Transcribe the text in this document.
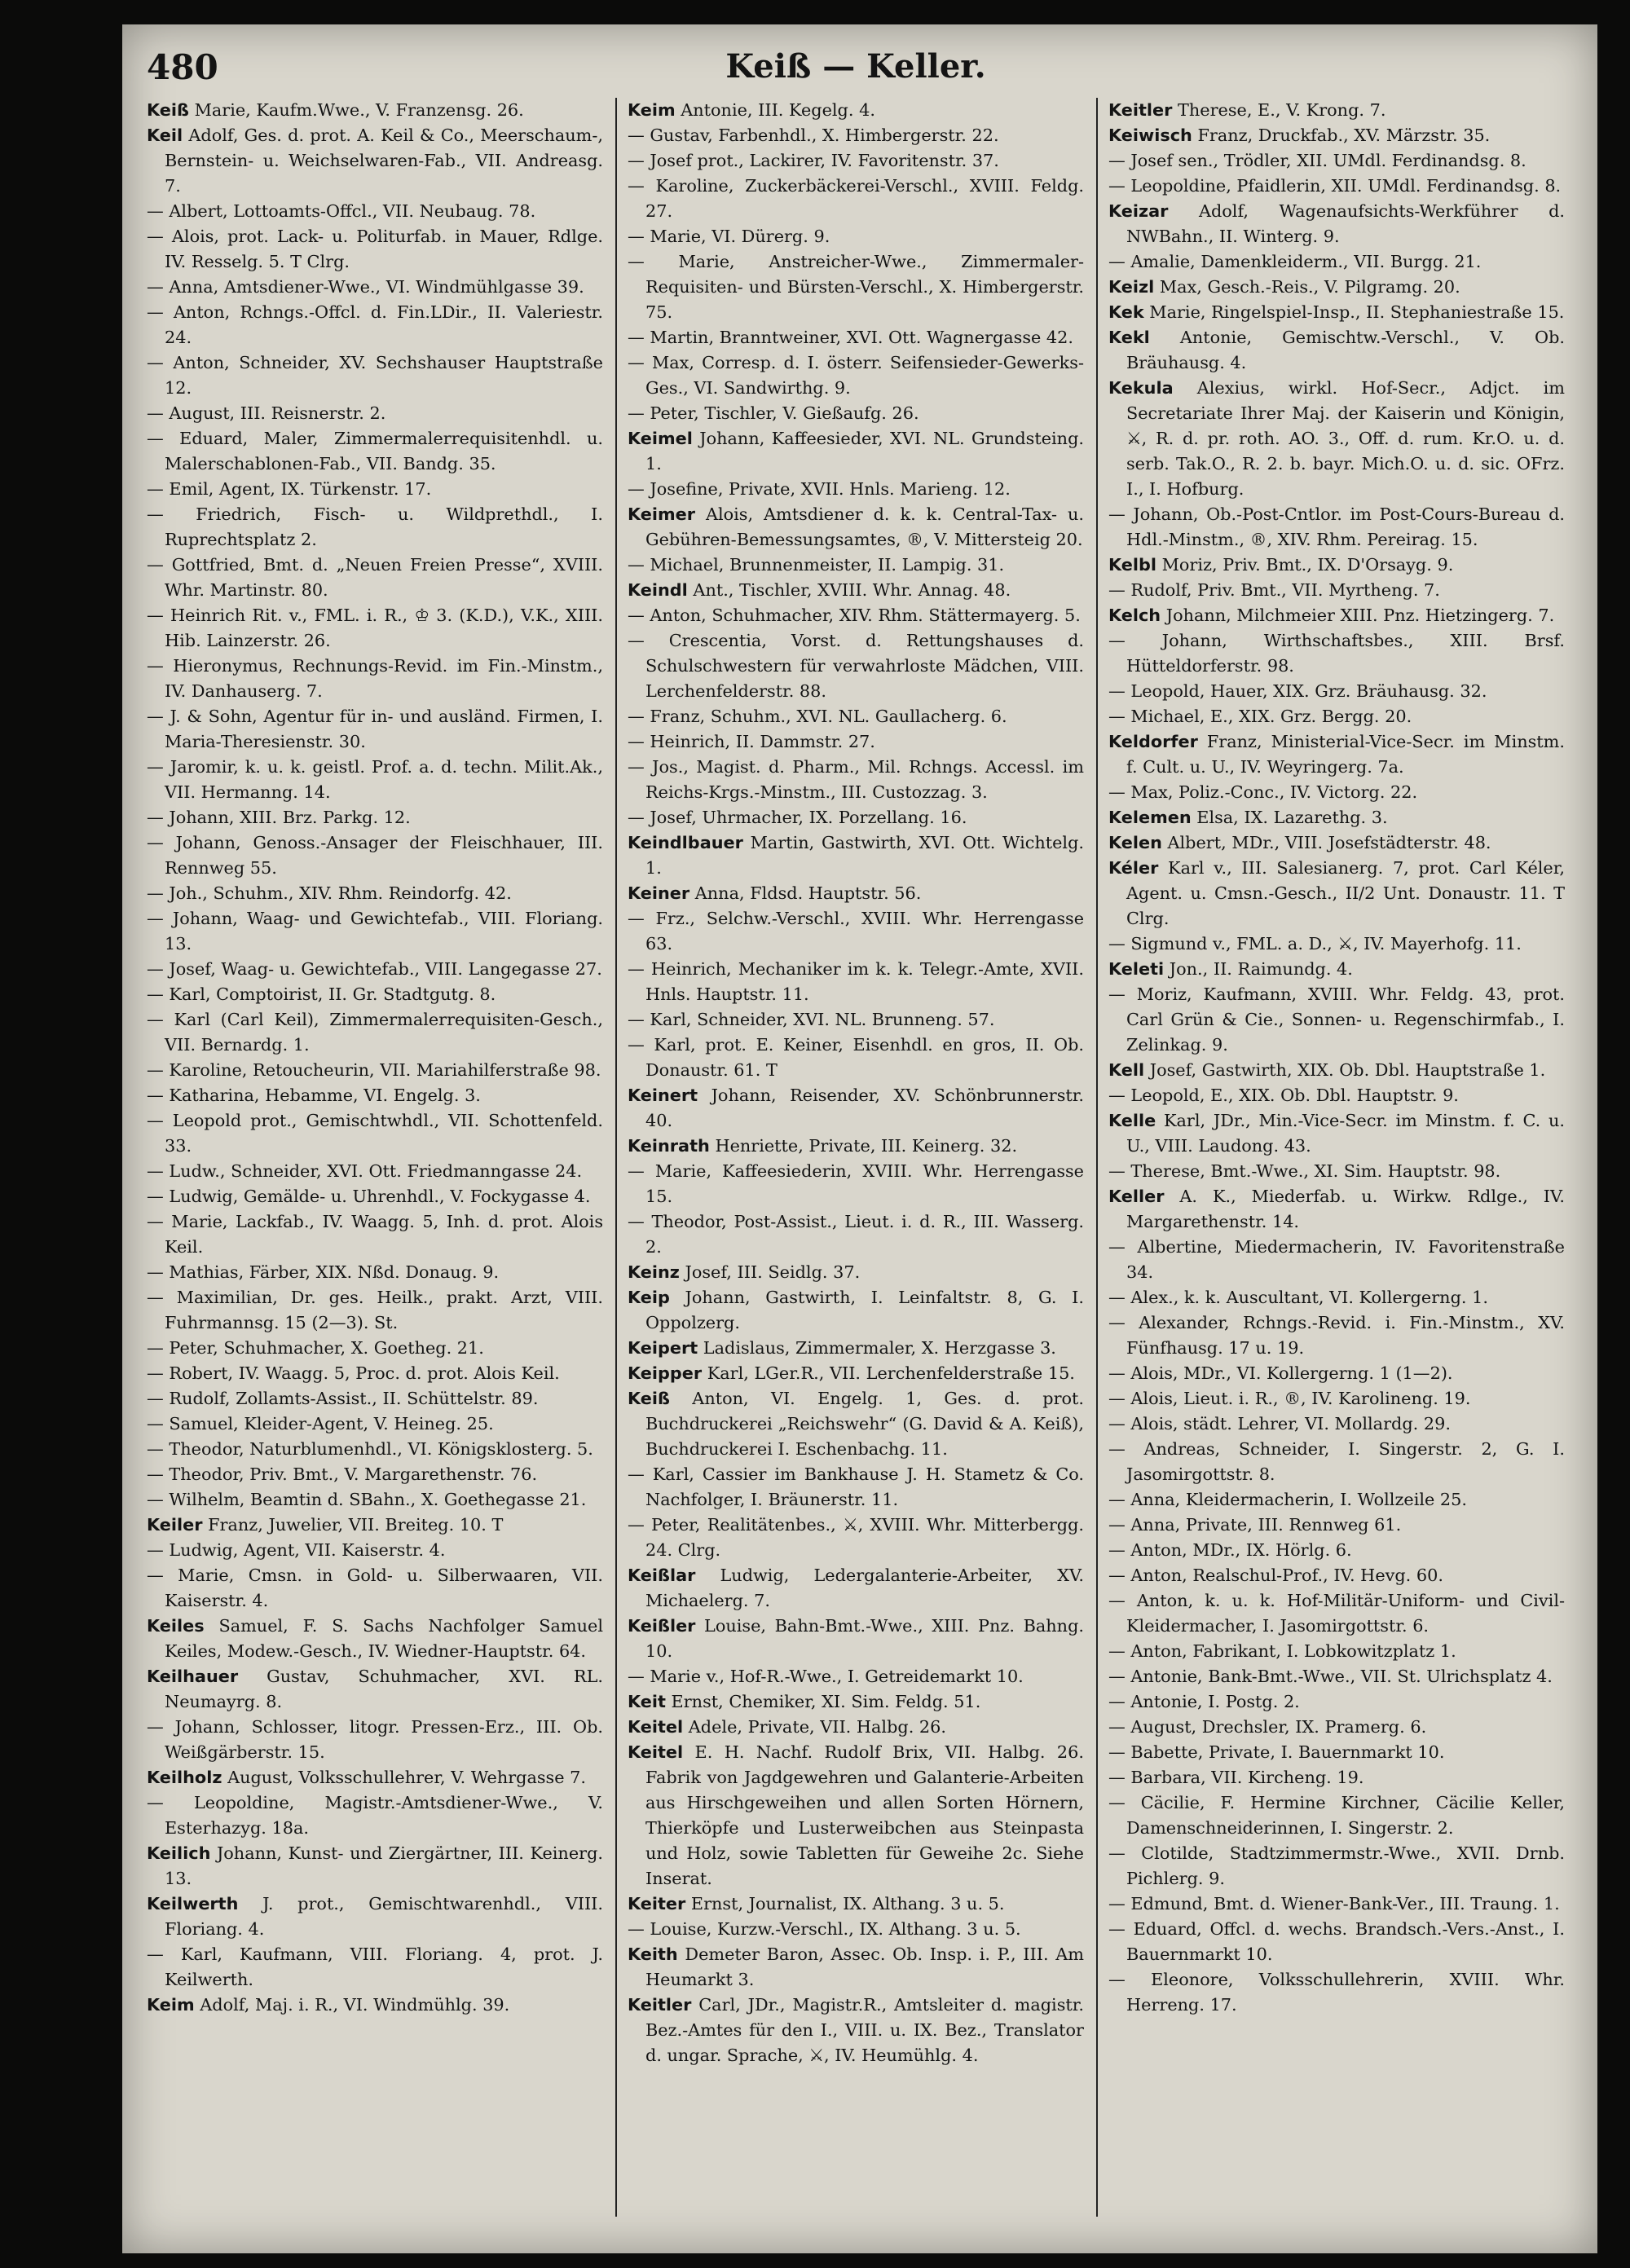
480	Keiß — Keller.

Keiß Marie, Kaufm.Wwe., V. Franzensg. 26.

Keil Adolf, Ges. d. prot. A. Keil & Co., Meerschaum-, Bernstein- u. Weichselwaren-Fab., VII. Andreasg. 7.

— Albert, Lottoamts-Offcl., VII. Neubaug. 78.

— Alois, prot. Lack- u. Politurfab. in Mauer, Rdlge. IV. Resselg. 5. T Clrg.

— Anna, Amtsdiener-Wwe., VI. Windmühlgasse 39.

— Anton, Rchngs.-Offcl. d. Fin.LDir., II. Valeriestr. 24.

— Anton, Schneider, XV. Sechshauser Hauptstraße 12.

— August, III. Reisnerstr. 2.

— Eduard, Maler, Zimmermalerrequisitenhdl. u. Malerschablonen-Fab., VII. Bandg. 35.

— Emil, Agent, IX. Türkenstr. 17.

— Friedrich, Fisch- u. Wildprethdl., I. Ruprechtsplatz 2.

— Gottfried, Bmt. d. „Neuen Freien Presse“, XVIII. Whr. Martinstr. 80.

— Heinrich Rit. v., FML. i. R., ♔ 3. (K.D.), V.K., XIII. Hib. Lainzerstr. 26.

— Hieronymus, Rechnungs-Revid. im Fin.-Minstm., IV. Danhauserg. 7.

— J. & Sohn, Agentur für in- und ausländ. Firmen, I. Maria-Theresienstr. 30.

— Jaromir, k. u. k. geistl. Prof. a. d. techn. Milit.Ak., VII. Hermanng. 14.

— Johann, XIII. Brz. Parkg. 12.

— Johann, Genoss.-Ansager der Fleischhauer, III. Rennweg 55.

— Joh., Schuhm., XIV. Rhm. Reindorfg. 42.

— Johann, Waag- und Gewichtefab., VIII. Floriang. 13.

— Josef, Waag- u. Gewichtefab., VIII. Langegasse 27.

— Karl, Comptoirist, II. Gr. Stadtgutg. 8.

— Karl (Carl Keil), Zimmermalerrequisiten-Gesch., VII. Bernardg. 1.

— Karoline, Retoucheurin, VII. Mariahilferstraße 98.

— Katharina, Hebamme, VI. Engelg. 3.

— Leopold prot., Gemischtwhdl., VII. Schottenfeld. 33.

— Ludw., Schneider, XVI. Ott. Friedmanngasse 24.

— Ludwig, Gemälde- u. Uhrenhdl., V. Fockygasse 4.

— Marie, Lackfab., IV. Waagg. 5, Inh. d. prot. Alois Keil.

— Mathias, Färber, XIX. Nßd. Donaug. 9.

— Maximilian, Dr. ges. Heilk., prakt. Arzt, VIII. Fuhrmannsg. 15 (2—3). St.

— Peter, Schuhmacher, X. Goetheg. 21.

— Robert, IV. Waagg. 5, Proc. d. prot. Alois Keil.

— Rudolf, Zollamts-Assist., II. Schüttelstr. 89.

— Samuel, Kleider-Agent, V. Heineg. 25.

— Theodor, Naturblumenhdl., VI. Königsklosterg. 5.

— Theodor, Priv. Bmt., V. Margarethenstr. 76.

— Wilhelm, Beamtin d. SBahn., X. Goethegasse 21.

Keiler Franz, Juwelier, VII. Breiteg. 10. T

— Ludwig, Agent, VII. Kaiserstr. 4.

— Marie, Cmsn. in Gold- u. Silberwaaren, VII. Kaiserstr. 4.

Keiles Samuel, F. S. Sachs Nachfolger Samuel Keiles, Modew.-Gesch., IV. Wiedner-Hauptstr. 64.

Keilhauer Gustav, Schuhmacher, XVI. RL. Neumayrg. 8.

— Johann, Schlosser, litogr. Pressen-Erz., III. Ob. Weißgärberstr. 15.

Keilholz August, Volksschullehrer, V. Wehrgasse 7.

— Leopoldine, Magistr.-Amtsdiener-Wwe., V. Esterhazyg. 18a.

Keilich Johann, Kunst- und Ziergärtner, III. Keinerg. 13.

Keilwerth J. prot., Gemischtwarenhdl., VIII. Floriang. 4.

— Karl, Kaufmann, VIII. Floriang. 4, prot. J. Keilwerth.

Keim Adolf, Maj. i. R., VI. Windmühlg. 39.

Keim Antonie, III. Kegelg. 4.

— Gustav, Farbenhdl., X. Himbergerstr. 22.

— Josef prot., Lackirer, IV. Favoritenstr. 37.

— Karoline, Zuckerbäckerei-Verschl., XVIII. Feldg. 27.

— Marie, VI. Dürerg. 9.

— Marie, Anstreicher-Wwe., Zimmermaler-Requisiten- und Bürsten-Verschl., X. Himbergerstr. 75.

— Martin, Branntweiner, XVI. Ott. Wagnergasse 42.

— Max, Corresp. d. I. österr. Seifensieder-Gewerks-Ges., VI. Sandwirthg. 9.

— Peter, Tischler, V. Gießaufg. 26.

Keimel Johann, Kaffeesieder, XVI. NL. Grundsteing. 1.

— Josefine, Private, XVII. Hnls. Marieng. 12.

Keimer Alois, Amtsdiener d. k. k. Central-Tax- u. Gebühren-Bemessungsamtes, ®, V. Mittersteig 20.

— Michael, Brunnenmeister, II. Lampig. 31.

Keindl Ant., Tischler, XVIII. Whr. Annag. 48.

— Anton, Schuhmacher, XIV. Rhm. Stättermayerg. 5.

— Crescentia, Vorst. d. Rettungshauses d. Schulschwestern für verwahrloste Mädchen, VIII. Lerchenfelderstr. 88.

— Franz, Schuhm., XVI. NL. Gaullacherg. 6.

— Heinrich, II. Dammstr. 27.

— Jos., Magist. d. Pharm., Mil. Rchngs. Accessl. im Reichs-Krgs.-Minstm., III. Custozzag. 3.

— Josef, Uhrmacher, IX. Porzellang. 16.

Keindlbauer Martin, Gastwirth, XVI. Ott. Wichtelg. 1.

Keiner Anna, Fldsd. Hauptstr. 56.

— Frz., Selchw.-Verschl., XVIII. Whr. Herrengasse 63.

— Heinrich, Mechaniker im k. k. Telegr.-Amte, XVII. Hnls. Hauptstr. 11.

— Karl, Schneider, XVI. NL. Brunneng. 57.

— Karl, prot. E. Keiner, Eisenhdl. en gros, II. Ob. Donaustr. 61. T

Keinert Johann, Reisender, XV. Schönbrunnerstr. 40.

Keinrath Henriette, Private, III. Keinerg. 32.

— Marie, Kaffeesiederin, XVIII. Whr. Herrengasse 15.

— Theodor, Post-Assist., Lieut. i. d. R., III. Wasserg. 2.

Keinz Josef, III. Seidlg. 37.

Keip Johann, Gastwirth, I. Leinfaltstr. 8, G. I. Oppolzerg.

Keipert Ladislaus, Zimmermaler, X. Herzgasse 3.

Keipper Karl, LGer.R., VII. Lerchenfelderstraße 15.

Keiß Anton, VI. Engelg. 1, Ges. d. prot. Buchdruckerei „Reichswehr“ (G. David & A. Keiß), Buchdruckerei I. Eschenbachg. 11.

— Karl, Cassier im Bankhause J. H. Stametz & Co. Nachfolger, I. Bräunerstr. 11.

— Peter, Realitätenbes., ⚔, XVIII. Whr. Mitterbergg. 24. Clrg.

Keißlar Ludwig, Ledergalanterie-Arbeiter, XV. Michaelerg. 7.

Keißler Louise, Bahn-Bmt.-Wwe., XIII. Pnz. Bahng. 10.

— Marie v., Hof-R.-Wwe., I. Getreidemarkt 10.

Keit Ernst, Chemiker, XI. Sim. Feldg. 51.

Keitel Adele, Private, VII. Halbg. 26.

Keitel E. H. Nachf. Rudolf Brix, VII. Halbg. 26. Fabrik von Jagdgewehren und Galanterie-Arbeiten aus Hirschgeweihen und allen Sorten Hörnern, Thierköpfe und Lusterweibchen aus Steinpasta und Holz, sowie Tabletten für Geweihe 2c. Siehe Inserat.

Keiter Ernst, Journalist, IX. Althang. 3 u. 5.

— Louise, Kurzw.-Verschl., IX. Althang. 3 u. 5.

Keith Demeter Baron, Assec. Ob. Insp. i. P., III. Am Heumarkt 3.

Keitler Carl, JDr., Magistr.R., Amtsleiter d. magistr. Bez.-Amtes für den I., VIII. u. IX. Bez., Translator d. ungar. Sprache, ⚔, IV. Heumühlg. 4.

Keitler Therese, E., V. Krong. 7.

Keiwisch Franz, Druckfab., XV. Märzstr. 35.

— Josef sen., Trödler, XII. UMdl. Ferdinandsg. 8.

— Leopoldine, Pfaidlerin, XII. UMdl. Ferdinandsg. 8.

Keizar Adolf, Wagenaufsichts-Werkführer d. NWBahn., II. Winterg. 9.

— Amalie, Damenkleiderm., VII. Burgg. 21.

Keizl Max, Gesch.-Reis., V. Pilgramg. 20.

Kek Marie, Ringelspiel-Insp., II. Stephaniestraße 15.

Kekl Antonie, Gemischtw.-Verschl., V. Ob. Bräuhausg. 4.

Kekula Alexius, wirkl. Hof-Secr., Adjct. im Secretariate Ihrer Maj. der Kaiserin und Königin, ⚔, R. d. pr. roth. AO. 3., Off. d. rum. Kr.O. u. d. serb. Tak.O., R. 2. b. bayr. Mich.O. u. d. sic. OFrz. I., I. Hofburg.

— Johann, Ob.-Post-Cntlor. im Post-Cours-Bureau d. Hdl.-Minstm., ®, XIV. Rhm. Pereirag. 15.

Kelbl Moriz, Priv. Bmt., IX. D'Orsayg. 9.

— Rudolf, Priv. Bmt., VII. Myrtheng. 7.

Kelch Johann, Milchmeier XIII. Pnz. Hietzingerg. 7.

— Johann, Wirthschaftsbes., XIII. Brsf. Hütteldorferstr. 98.

— Leopold, Hauer, XIX. Grz. Bräuhausg. 32.

— Michael, E., XIX. Grz. Bergg. 20.

Keldorfer Franz, Ministerial-Vice-Secr. im Minstm. f. Cult. u. U., IV. Weyringerg. 7a.

— Max, Poliz.-Conc., IV. Victorg. 22.

Kelemen Elsa, IX. Lazarethg. 3.

Kelen Albert, MDr., VIII. Josefstädterstr. 48.

Kéler Karl v., III. Salesianerg. 7, prot. Carl Kéler, Agent. u. Cmsn.-Gesch., II/2 Unt. Donaustr. 11. T Clrg.

— Sigmund v., FML. a. D., ⚔, IV. Mayerhofg. 11.

Keleti Jon., II. Raimundg. 4.

— Moriz, Kaufmann, XVIII. Whr. Feldg. 43, prot. Carl Grün & Cie., Sonnen- u. Regenschirmfab., I. Zelinkag. 9.

Kell Josef, Gastwirth, XIX. Ob. Dbl. Hauptstraße 1.

— Leopold, E., XIX. Ob. Dbl. Hauptstr. 9.

Kelle Karl, JDr., Min.-Vice-Secr. im Minstm. f. C. u. U., VIII. Laudong. 43.

— Therese, Bmt.-Wwe., XI. Sim. Hauptstr. 98.

Keller A. K., Miederfab. u. Wirkw. Rdlge., IV. Margarethenstr. 14.

— Albertine, Miedermacherin, IV. Favoritenstraße 34.

— Alex., k. k. Auscultant, VI. Kollergerng. 1.

— Alexander, Rchngs.-Revid. i. Fin.-Minstm., XV. Fünfhausg. 17 u. 19.

— Alois, MDr., VI. Kollergerng. 1 (1—2).

— Alois, Lieut. i. R., ®, IV. Karolineng. 19.

— Alois, städt. Lehrer, VI. Mollardg. 29.

— Andreas, Schneider, I. Singerstr. 2, G. I. Jasomirgottstr. 8.

— Anna, Kleidermacherin, I. Wollzeile 25.

— Anna, Private, III. Rennweg 61.

— Anton, MDr., IX. Hörlg. 6.

— Anton, Realschul-Prof., IV. Hevg. 60.

— Anton, k. u. k. Hof-Militär-Uniform- und Civil-Kleidermacher, I. Jasomirgottstr. 6.

— Anton, Fabrikant, I. Lobkowitzplatz 1.

— Antonie, Bank-Bmt.-Wwe., VII. St. Ulrichsplatz 4.

— Antonie, I. Postg. 2.

— August, Drechsler, IX. Pramerg. 6.

— Babette, Private, I. Bauernmarkt 10.

— Barbara, VII. Kircheng. 19.

— Cäcilie, F. Hermine Kirchner, Cäcilie Keller, Damenschneiderinnen, I. Singerstr. 2.

— Clotilde, Stadtzimmermstr.-Wwe., XVII. Drnb. Pichlerg. 9.

— Edmund, Bmt. d. Wiener-Bank-Ver., III. Traung. 1.

— Eduard, Offcl. d. wechs. Brandsch.-Vers.-Anst., I. Bauernmarkt 10.

— Eleonore, Volksschullehrerin, XVIII. Whr. Herreng. 17.
